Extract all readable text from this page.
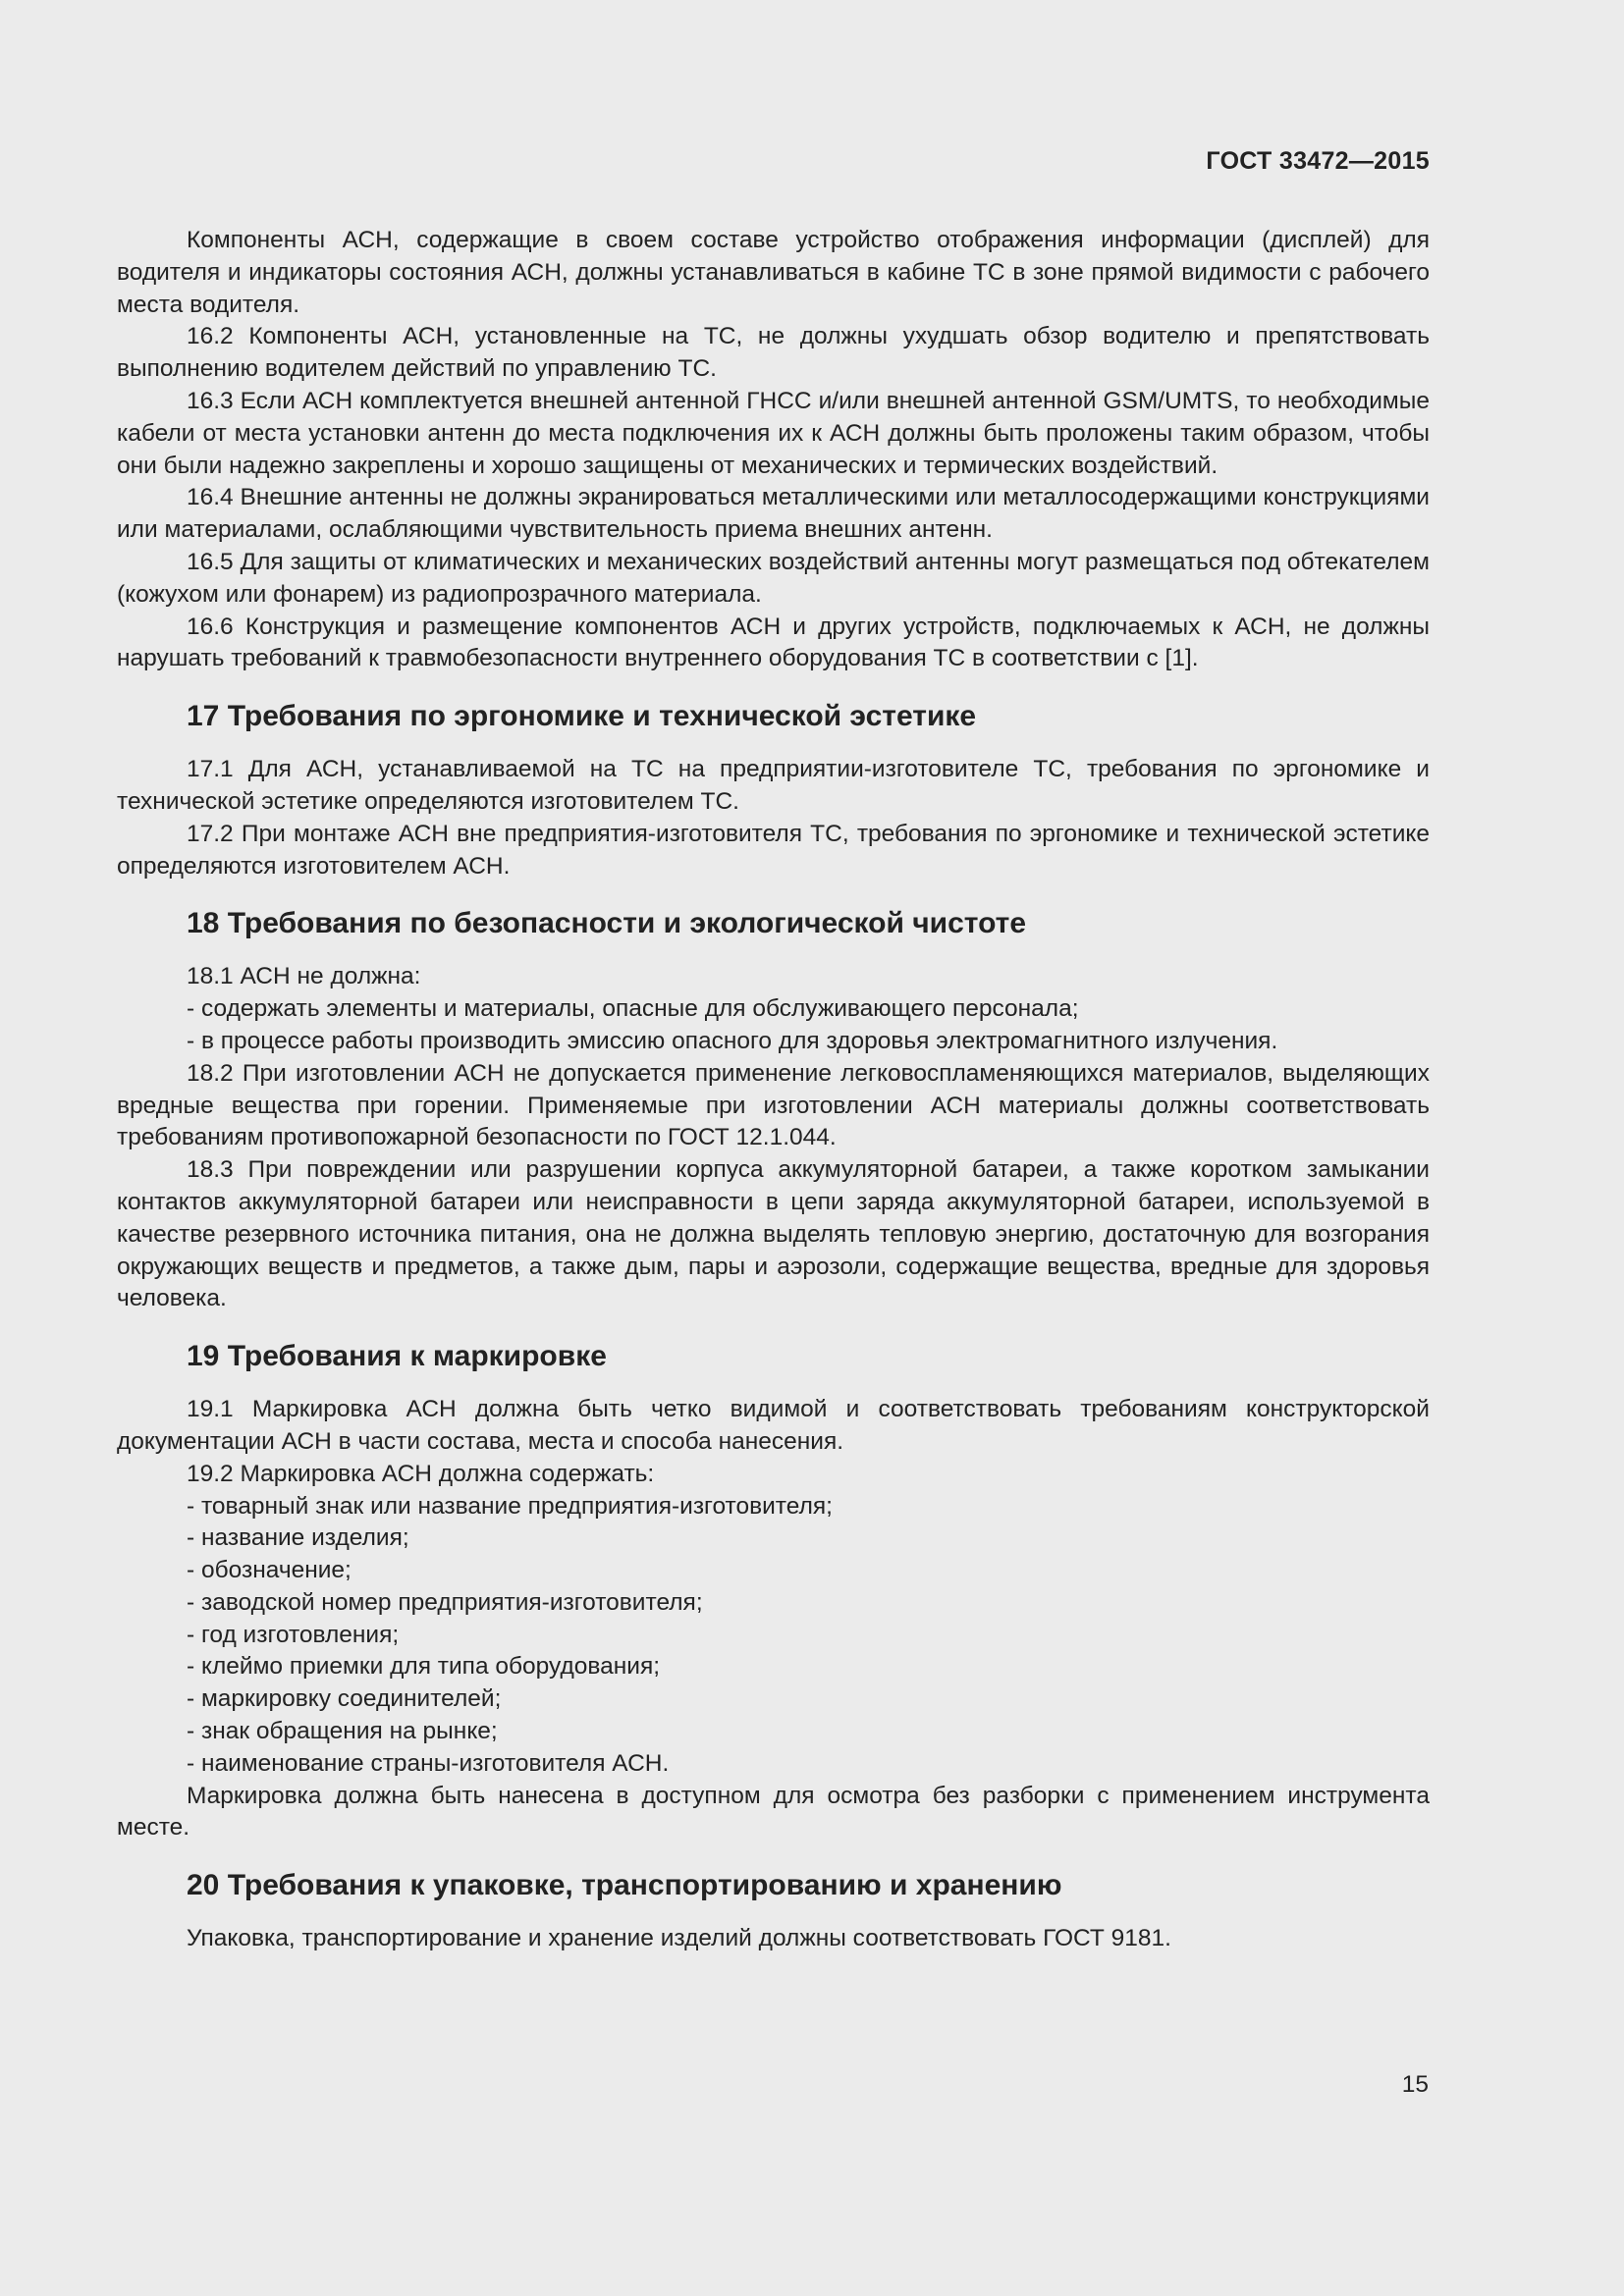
ГОСТ 33472—2015

Компоненты АСН, содержащие в своем составе устройство отображения информации (дисплей) для водителя и индикаторы состояния АСН, должны устанавливаться в кабине ТС в зоне прямой видимости с рабочего места водителя.

16.2 Компоненты АСН, установленные на ТС, не должны ухудшать обзор водителю и препятствовать выполнению водителем действий по управлению ТС.

16.3 Если АСН комплектуется внешней антенной ГНСС и/или внешней антенной GSM/UMTS, то необходимые кабели от места установки антенн до места подключения их к АСН должны быть проложены таким образом, чтобы они были надежно закреплены и хорошо защищены от механических и термических воздействий.

16.4 Внешние антенны не должны экранироваться металлическими или металлосодержащими конструкциями или материалами, ослабляющими чувствительность приема внешних антенн.

16.5 Для защиты от климатических и механических воздействий антенны могут размещаться под обтекателем (кожухом или фонарем) из радиопрозрачного материала.

16.6 Конструкция и размещение компонентов АСН и других устройств, подключаемых к АСН, не должны нарушать требований к травмобезопасности внутреннего оборудования ТС в соответствии с [1].

17 Требования по эргономике и технической эстетике

17.1 Для АСН, устанавливаемой на ТС на предприятии-изготовителе ТС, требования по эргономике и технической эстетике определяются изготовителем ТС.

17.2 При монтаже АСН вне предприятия-изготовителя ТС, требования по эргономике и технической эстетике определяются изготовителем АСН.

18 Требования по безопасности и экологической чистоте

18.1 АСН не должна:

- содержать элементы и материалы, опасные для обслуживающего персонала;

- в процессе работы производить эмиссию опасного для здоровья электромагнитного излучения.

18.2 При изготовлении АСН не допускается применение легковоспламеняющихся материалов, выделяющих вредные вещества при горении. Применяемые при изготовлении АСН материалы должны соответствовать требованиям противопожарной безопасности по ГОСТ 12.1.044.

18.3 При повреждении или разрушении корпуса аккумуляторной батареи, а также коротком замыкании контактов аккумуляторной батареи или неисправности в цепи заряда аккумуляторной батареи, используемой в качестве резервного источника питания, она не должна выделять тепловую энергию, достаточную для возгорания окружающих веществ и предметов, а также дым, пары и аэрозоли, содержащие вещества, вредные для здоровья человека.

19 Требования к маркировке

19.1 Маркировка АСН должна быть четко видимой и соответствовать требованиям конструкторской документации АСН в части состава, места и способа нанесения.

19.2 Маркировка АСН должна содержать:

- товарный знак или название предприятия-изготовителя;

- название изделия;

- обозначение;

- заводской номер предприятия-изготовителя;

- год изготовления;

- клеймо приемки для типа оборудования;

- маркировку соединителей;

- знак обращения на рынке;

- наименование страны-изготовителя АСН.

Маркировка должна быть нанесена в доступном для осмотра без разборки с применением инструмента месте.

20 Требования к упаковке, транспортированию и хранению

Упаковка, транспортирование и хранение изделий должны соответствовать ГОСТ 9181.

15
